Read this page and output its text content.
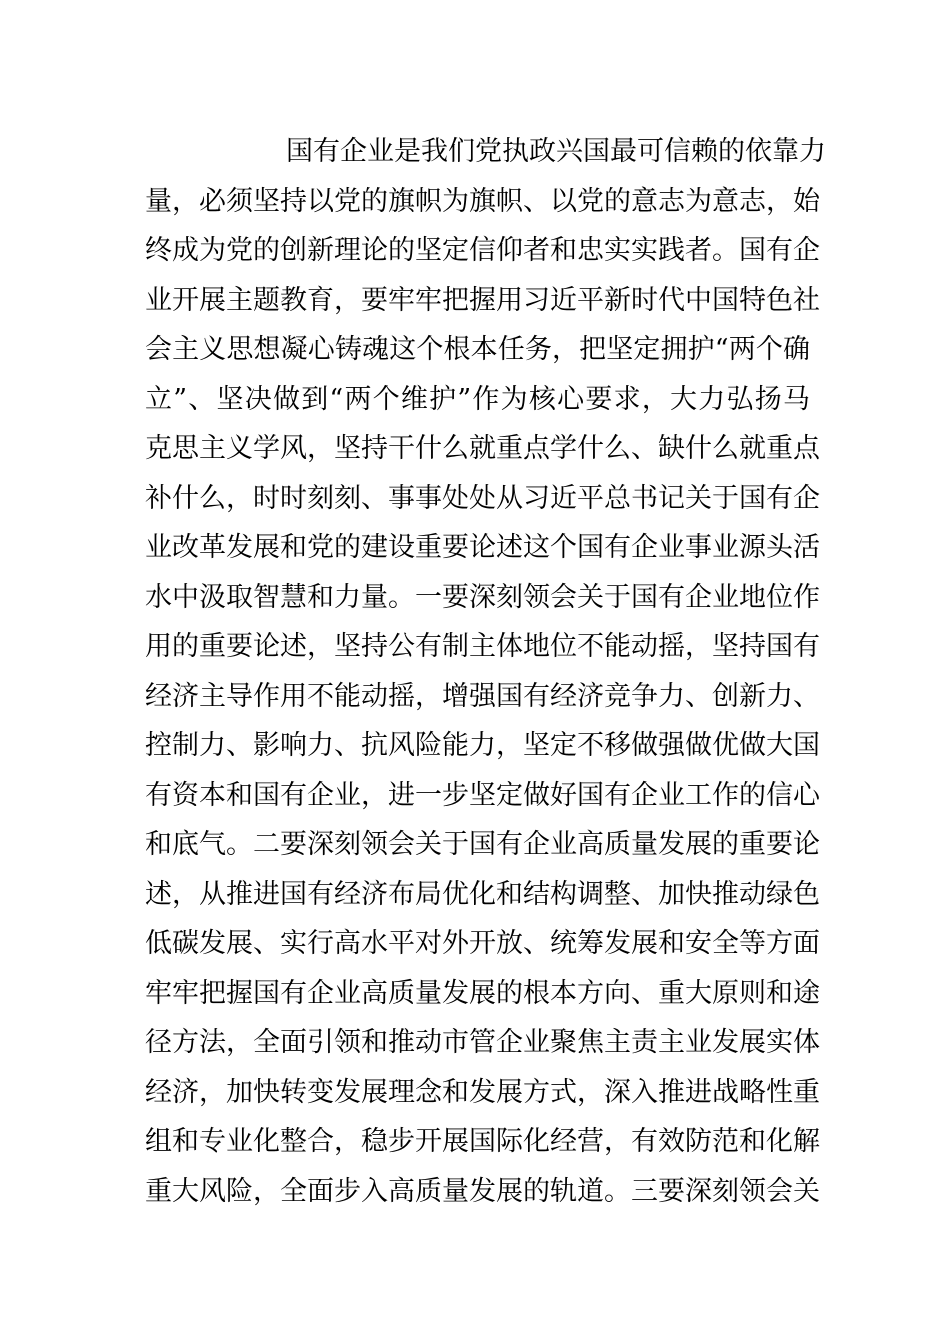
国有企业是我们党执政兴国最可信赖的依靠力
量，必须坚持以党的旗帜为旗帜、以党的意志为意志，始
终成为党的创新理论的坚定信仰者和忠实实践者。国有企
业开展主题教育，要牢牢把握用习近平新时代中国特色社
会主义思想凝心铸魂这个根本任务，把坚定拥护“两个确
立”、坚决做到“两个维护”作为核心要求，大力弘扬马
克思主义学风，坚持干什么就重点学什么、缺什么就重点
补什么，时时刻刻、事事处处从习近平总书记关于国有企
业改革发展和党的建设重要论述这个国有企业事业源头活
水中汲取智慧和力量。一要深刻领会关于国有企业地位作
用的重要论述，坚持公有制主体地位不能动摇，坚持国有
经济主导作用不能动摇，增强国有经济竞争力、创新力、
控制力、影响力、抗风险能力，坚定不移做强做优做大国
有资本和国有企业，进一步坚定做好国有企业工作的信心
和底气。二要深刻领会关于国有企业高质量发展的重要论
述，从推进国有经济布局优化和结构调整、加快推动绿色
低碳发展、实行高水平对外开放、统筹发展和安全等方面
牢牢把握国有企业高质量发展的根本方向、重大原则和途
径方法，全面引领和推动市管企业聚焦主责主业发展实体
经济，加快转变发展理念和发展方式，深入推进战略性重
组和专业化整合，稳步开展国际化经营，有效防范和化解
重大风险，全面步入高质量发展的轨道。三要深刻领会关
